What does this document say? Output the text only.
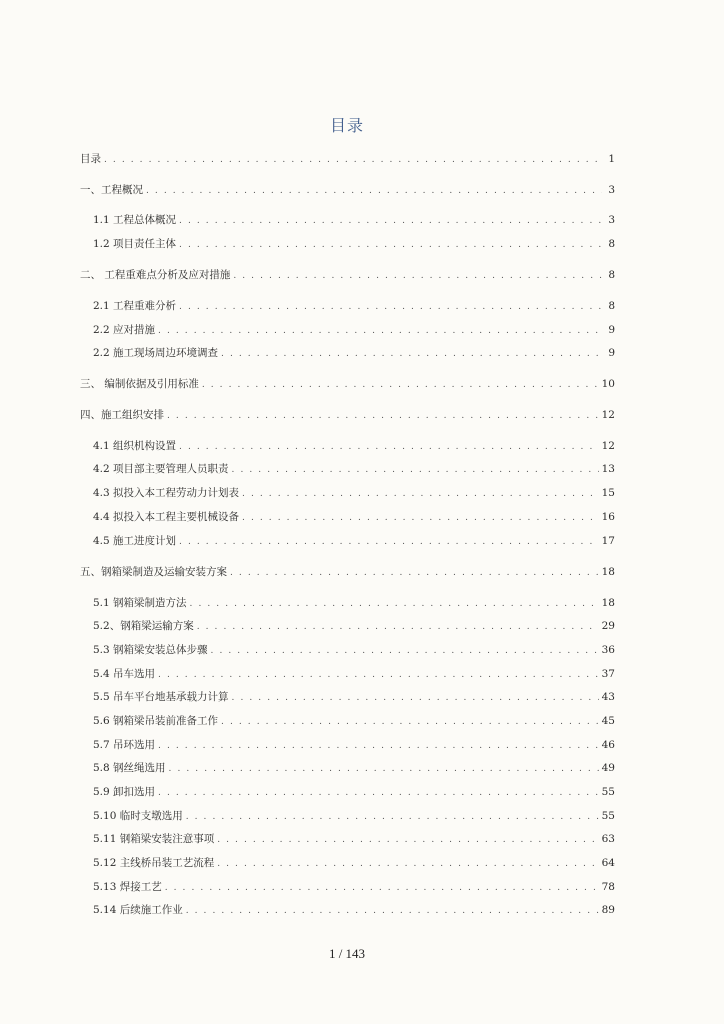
目录
目录 . . .	1
一、工程概况 . . .	3
1.1 工程总体概况 . . .	3
1.2 项目责任主体 . . .	8
二、 工程重难点分析及应对措施 . . .	8
2.1 工程重难分析 . . .	8
2.2 应对措施 . . .	9
2.2 施工现场周边环境调查 . . .	9
三、 编制依据及引用标准 . . .	10
四、施工组织安排 . . .	12
4.1 组织机构设置 . . .	12
4.2 项目部主要管理人员职责 . . .	13
4.3 拟投入本工程劳动力计划表 . . .	15
4.4 拟投入本工程主要机械设备 . . .	16
4.5 施工进度计划 . . .	17
五、钢箱梁制造及运输安装方案 . . .	18
5.1 钢箱梁制造方法 . . .	18
5.2、钢箱梁运输方案 . . .	29
5.3 钢箱梁安装总体步骤 . . .	36
5.4 吊车选用 . . .	37
5.5 吊车平台地基承载力计算 . . .	43
5.6 钢箱梁吊装前准备工作 . . .	45
5.7 吊环选用 . . .	46
5.8 钢丝绳选用 . . .	49
5.9 卸扣选用 . . .	55
5.10 临时支墩选用 . . .	55
5.11 钢箱梁安装注意事项 . . .	63
5.12 主线桥吊装工艺流程 . . .	64
5.13 焊接工艺 . . .	78
5.14 后续施工作业 . . .	89
1 / 143
